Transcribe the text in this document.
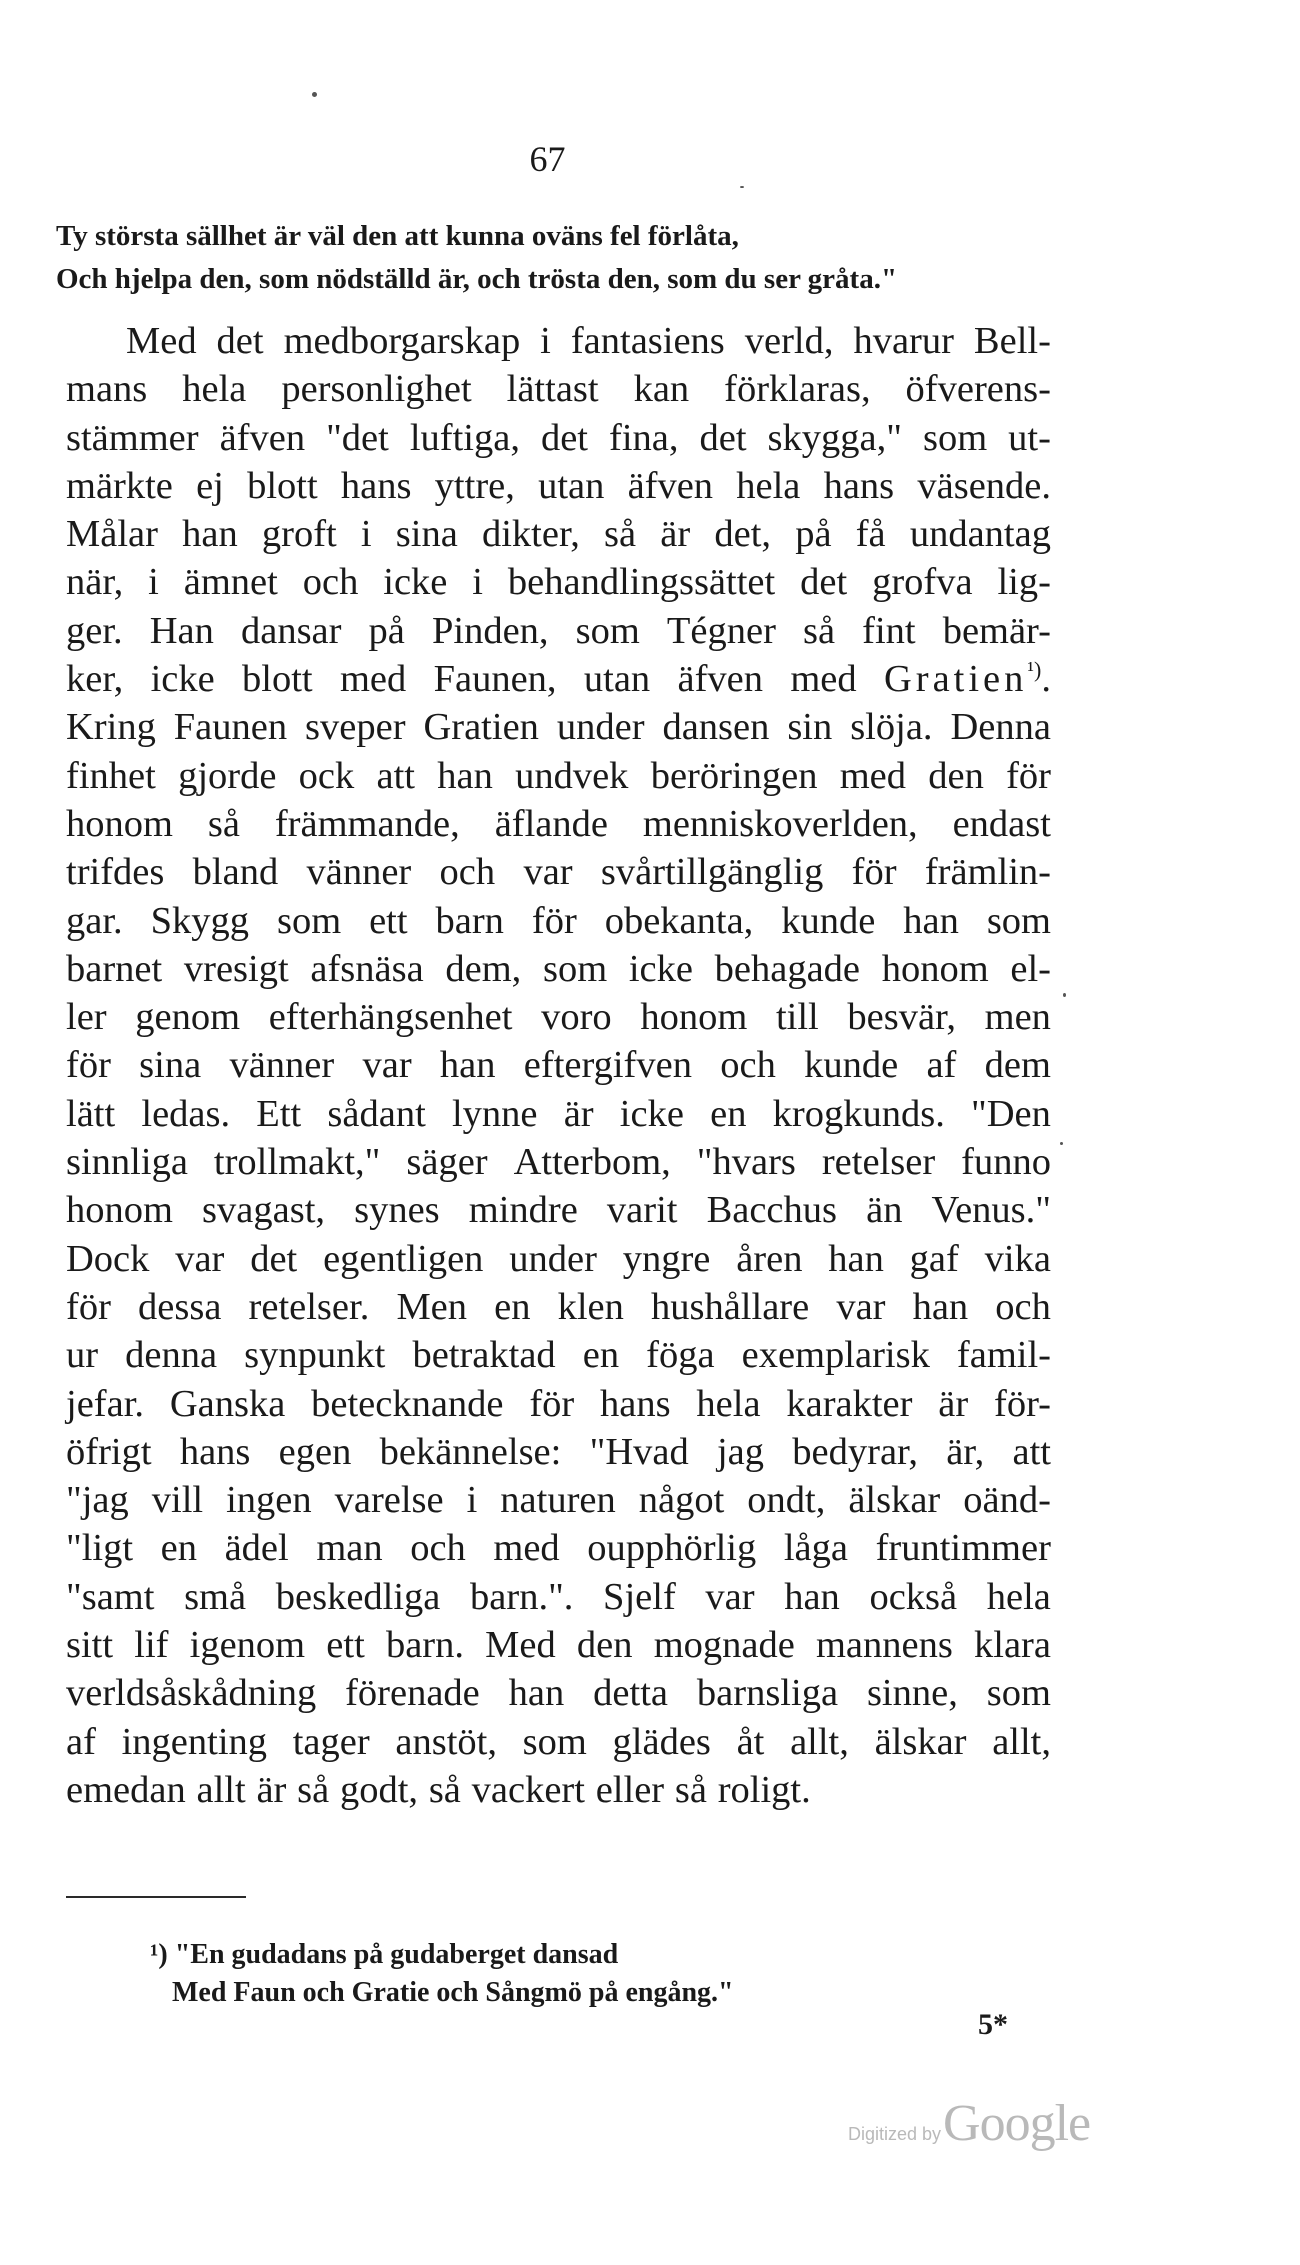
67
Ty största sällhet är väl den att kunna oväns fel förlåta,
Och hjelpa den, som nödställd är, och trösta den, som du ser gråta."
Med det medborgarskap i fantasiens verld, hvarur Bell-
mans hela personlighet lättast kan förklaras, öfverens-
stämmer äfven "det luftiga, det fina, det skygga," som ut-
märkte ej blott hans yttre, utan äfven hela hans väsende.
Målar han groft i sina dikter, så är det, på få undantag
när, i ämnet och icke i behandlingssättet det grofva lig-
ger. Han dansar på Pinden, som Tégner så fint bemär-
ker, icke blott med Faunen, utan äfven med Gratien$^{^1)}$.
Kring Faunen sveper Gratien under dansen sin slöja. Denna
finhet gjorde ock att han undvek beröringen med den för
honom så främmande, äflande menniskoverlden, endast
trifdes bland vänner och var svårtillgänglig för främlin-
gar. Skygg som ett barn för obekanta, kunde han som
barnet vresigt afsnäsa dem, som icke behagade honom el-
ler genom efterhängsenhet voro honom till besvär, men
för sina vänner var han eftergifven och kunde af dem
lätt ledas. Ett sådant lynne är icke en krogkunds. "Den
sinnliga trollmakt," säger Atterbom, "hvars retelser funno
honom svagast, synes mindre varit Bacchus än Venus."
Dock var det egentligen under yngre åren han gaf vika
för dessa retelser. Men en klen hushållare var han och
ur denna synpunkt betraktad en föga exemplarisk famil-
jefar. Ganska betecknande för hans hela karakter är för-
öfrigt hans egen bekännelse: "Hvad jag bedyrar, är, att
"jag vill ingen varelse i naturen något ondt, älskar oänd-
"ligt en ädel man och med oupphörlig låga fruntimmer
"samt små beskedliga barn.". Sjelf var han också hela
sitt lif igenom ett barn. Med den mognade mannens klara
verldsåskådning förenade han detta barnsliga sinne, som
af ingenting tager anstöt, som glädes åt allt, älskar allt,
emedan allt är så godt, så vackert eller så roligt.
¹) "En gudadans på gudaberget dansad
Med Faun och Gratie och Sångmö på engång."
5*
Digitized by Google
